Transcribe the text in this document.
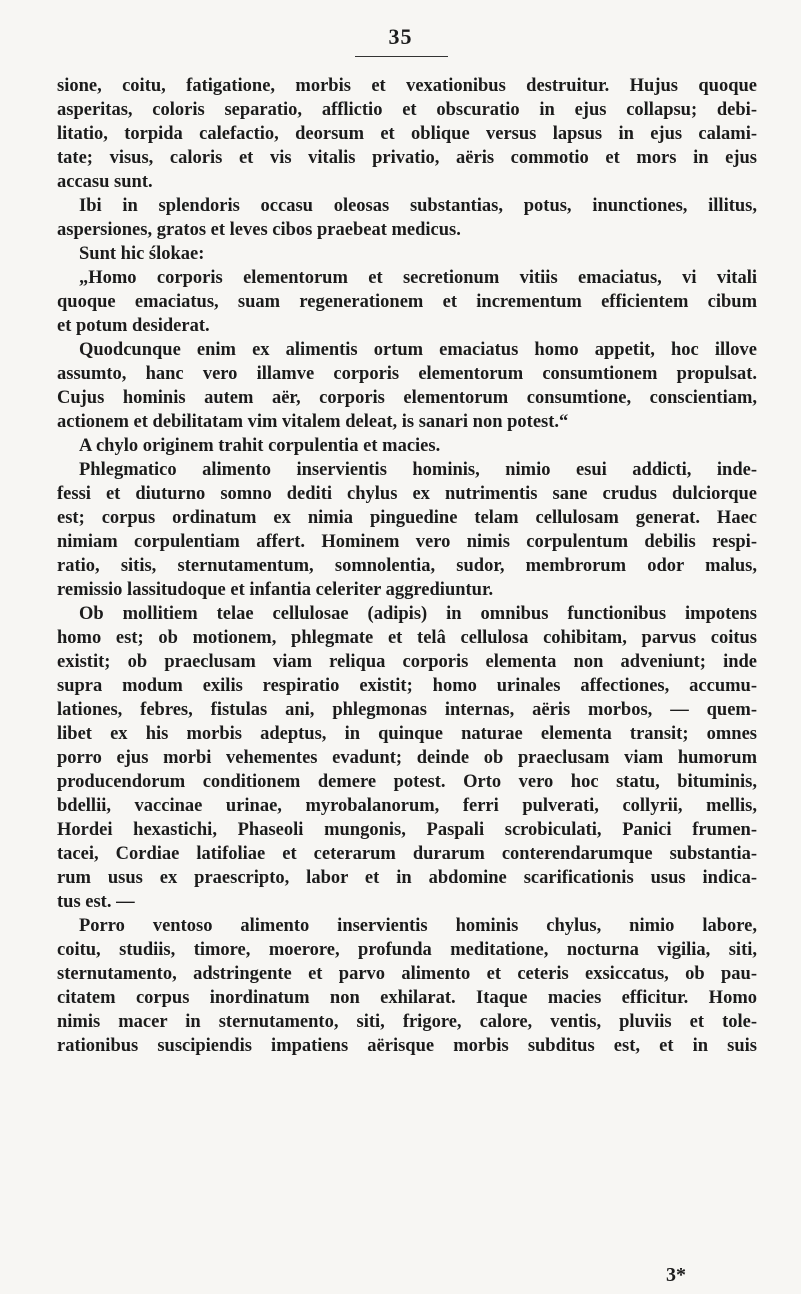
35
sione, coitu, fatigatione, morbis et vexationibus destruitur. Hujus quoque
asperitas, coloris separatio, afflictio et obscuratio in ejus collapsu; debi-
litatio, torpida calefactio, deorsum et oblique versus lapsus in ejus calami-
tate; visus, caloris et vis vitalis privatio, aëris commotio et mors in ejus
accasu sunt.
Ibi in splendoris occasu oleosas substantias, potus, inunctiones, illitus,
aspersiones, gratos et leves cibos praebeat medicus.
Sunt hic ślokae:
„Homo corporis elementorum et secretionum vitiis emaciatus, vi vitali
quoque emaciatus, suam regenerationem et incrementum efficientem cibum
et potum desiderat.
Quodcunque enim ex alimentis ortum emaciatus homo appetit, hoc illove
assumto, hanc vero illamve corporis elementorum consumtionem propulsat.
Cujus hominis autem aër, corporis elementorum consumtione, conscientiam,
actionem et debilitatam vim vitalem deleat, is sanari non potest.“
A chylo originem trahit corpulentia et macies.
Phlegmatico alimento inservientis hominis, nimio esui addicti, inde-
fessi et diuturno somno dediti chylus ex nutrimentis sane crudus dulciorque
est; corpus ordinatum ex nimia pinguedine telam cellulosam generat. Haec
nimiam corpulentiam affert. Hominem vero nimis corpulentum debilis respi-
ratio, sitis, sternutamentum, somnolentia, sudor, membrorum odor malus,
remissio lassitudoque et infantia celeriter aggrediuntur.
Ob mollitiem telae cellulosae (adipis) in omnibus functionibus impotens
homo est; ob motionem, phlegmate et telâ cellulosa cohibitam, parvus coitus
existit; ob praeclusam viam reliqua corporis elementa non adveniunt; inde
supra modum exilis respiratio existit; homo urinales affectiones, accumu-
lationes, febres, fistulas ani, phlegmonas internas, aëris morbos, — quem-
libet ex his morbis adeptus, in quinque naturae elementa transit; omnes
porro ejus morbi vehementes evadunt; deinde ob praeclusam viam humorum
producendorum conditionem demere potest. Orto vero hoc statu, bituminis,
bdellii, vaccinae urinae, myrobalanorum, ferri pulverati, collyrii, mellis,
Hordei hexastichi, Phaseoli mungonis, Paspali scrobiculati, Panici frumen-
tacei, Cordiae latifoliae et ceterarum durarum conterendarumque substantia-
rum usus ex praescripto, labor et in abdomine scarificationis usus indica-
tus est. —
Porro ventoso alimento inservientis hominis chylus, nimio labore,
coitu, studiis, timore, moerore, profunda meditatione, nocturna vigilia, siti,
sternutamento, adstringente et parvo alimento et ceteris exsiccatus, ob pau-
citatem corpus inordinatum non exhilarat. Itaque macies efficitur. Homo
nimis macer in sternutamento, siti, frigore, calore, ventis, pluviis et tole-
rationibus suscipiendis impatiens aërisque morbis subditus est, et in suis
3*
